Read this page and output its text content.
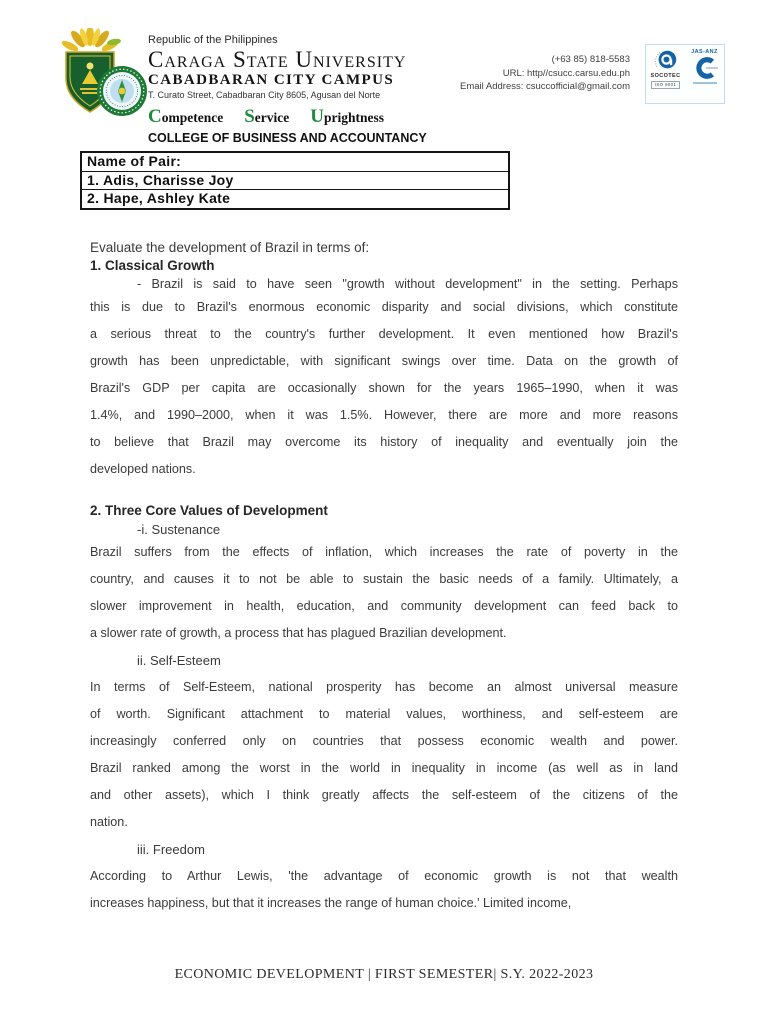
Republic of the Philippines
Caraga State University
CABADBARAN CITY CAMPUS
T. Curato Street, Cabadbaran City 8605, Agusan del Norte
Competence Service Uprightness
COLLEGE OF BUSINESS AND ACCOUNTANCY
(+63 85) 818-5583
URL: http//csucc.carsu.edu.ph
Email Address: csuccofficial@gmail.com
SOCOTEC
ISO 9001
JAS-ANZ
Name of Pair:
1. Adis, Charisse Joy
2. Hape, Ashley Kate
Evaluate the development of Brazil in terms of:
1. Classical Growth
- Brazil is said to have seen "growth without development" in the setting. Perhaps
this is due to Brazil's enormous economic disparity and social divisions, which constitute
a serious threat to the country's further development. It even mentioned how Brazil's
growth has been unpredictable, with significant swings over time. Data on the growth of
Brazil's GDP per capita are occasionally shown for the years 1965–1990, when it was
1.4%, and 1990–2000, when it was 1.5%. However, there are more and more reasons
to believe that Brazil may overcome its history of inequality and eventually join the
developed nations.
2. Three Core Values of Development
-i. Sustenance
Brazil suffers from the effects of inflation, which increases the rate of poverty in the
country, and causes it to not be able to sustain the basic needs of a family. Ultimately, a
slower improvement in health, education, and community development can feed back to
a slower rate of growth, a process that has plagued Brazilian development.
ii. Self-Esteem
In terms of Self-Esteem, national prosperity has become an almost universal measure
of worth. Significant attachment to material values, worthiness, and self-esteem are
increasingly conferred only on countries that possess economic wealth and power.
Brazil ranked among the worst in the world in inequality in income (as well as in land
and other assets), which I think greatly affects the self-esteem of the citizens of the
nation.
iii. Freedom
According to Arthur Lewis, 'the advantage of economic growth is not that wealth
increases happiness, but that it increases the range of human choice.' Limited income,
ECONOMIC DEVELOPMENT | FIRST SEMESTER| S.Y. 2022-2023
